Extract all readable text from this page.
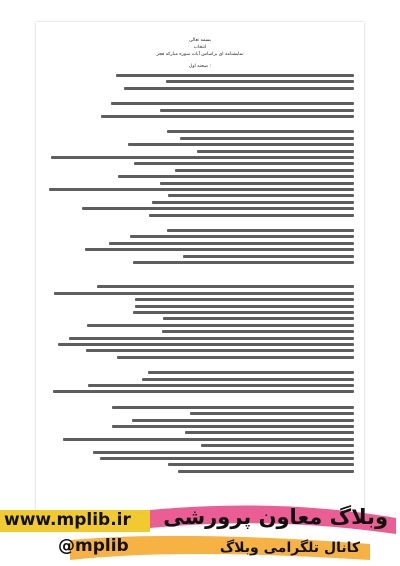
بسمه تعالی
انتخاب
نمایشنامه ای براساس آیات سوره مبارکه فجر
صحنه اول :
وبلاگ معاون پرورشی
www.mplib.ir
کانال تلگرامی وبلاگ
@mplib
